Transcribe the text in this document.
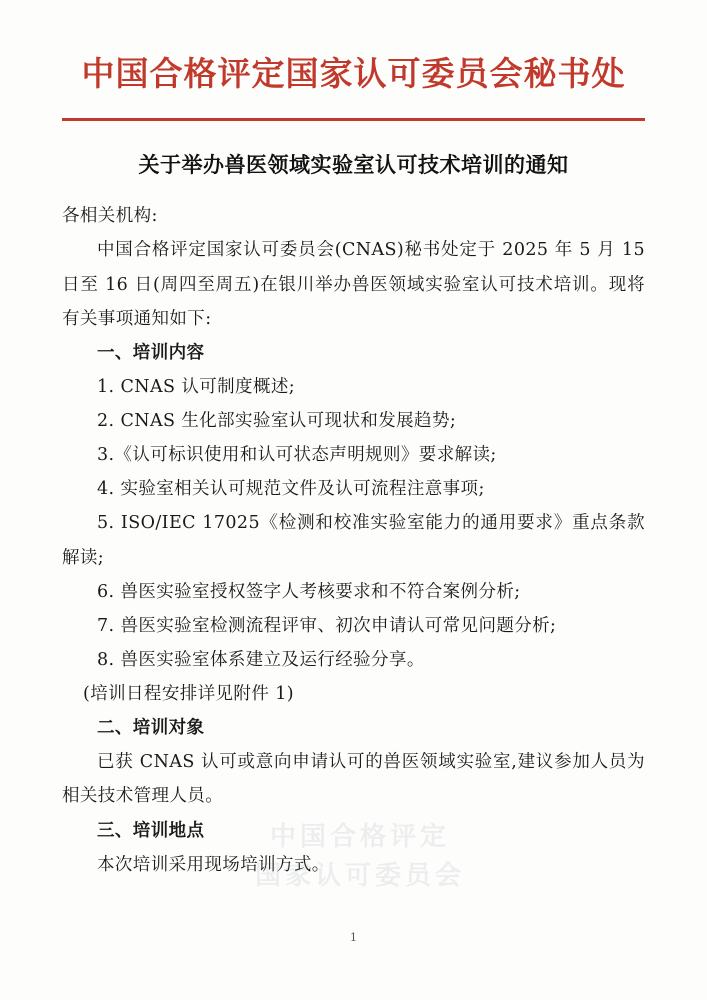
中国合格评定国家认可委员会秘书处
关于举办兽医领域实验室认可技术培训的通知

各相关机构:

中国合格评定国家认可委员会(CNAS)秘书处定于 2025 年 5 月 15 日至 16 日(周四至周五)在银川举办兽医领域实验室认可技术培训。现将有关事项通知如下:

一、培训内容

1. CNAS 认可制度概述;

2. CNAS 生化部实验室认可现状和发展趋势;

3.《认可标识使用和认可状态声明规则》要求解读;

4. 实验室相关认可规范文件及认可流程注意事项;

5. ISO/IEC 17025《检测和校准实验室能力的通用要求》重点条款解读;

6. 兽医实验室授权签字人考核要求和不符合案例分析;

7. 兽医实验室检测流程评审、初次申请认可常见问题分析;

8. 兽医实验室体系建立及运行经验分享。

(培训日程安排详见附件 1)

二、培训对象

已获 CNAS 认可或意向申请认可的兽医领域实验室,建议参加人员为相关技术管理人员。

三、培训地点

本次培训采用现场培训方式。

中国合格评定
国家认可委员会
1
